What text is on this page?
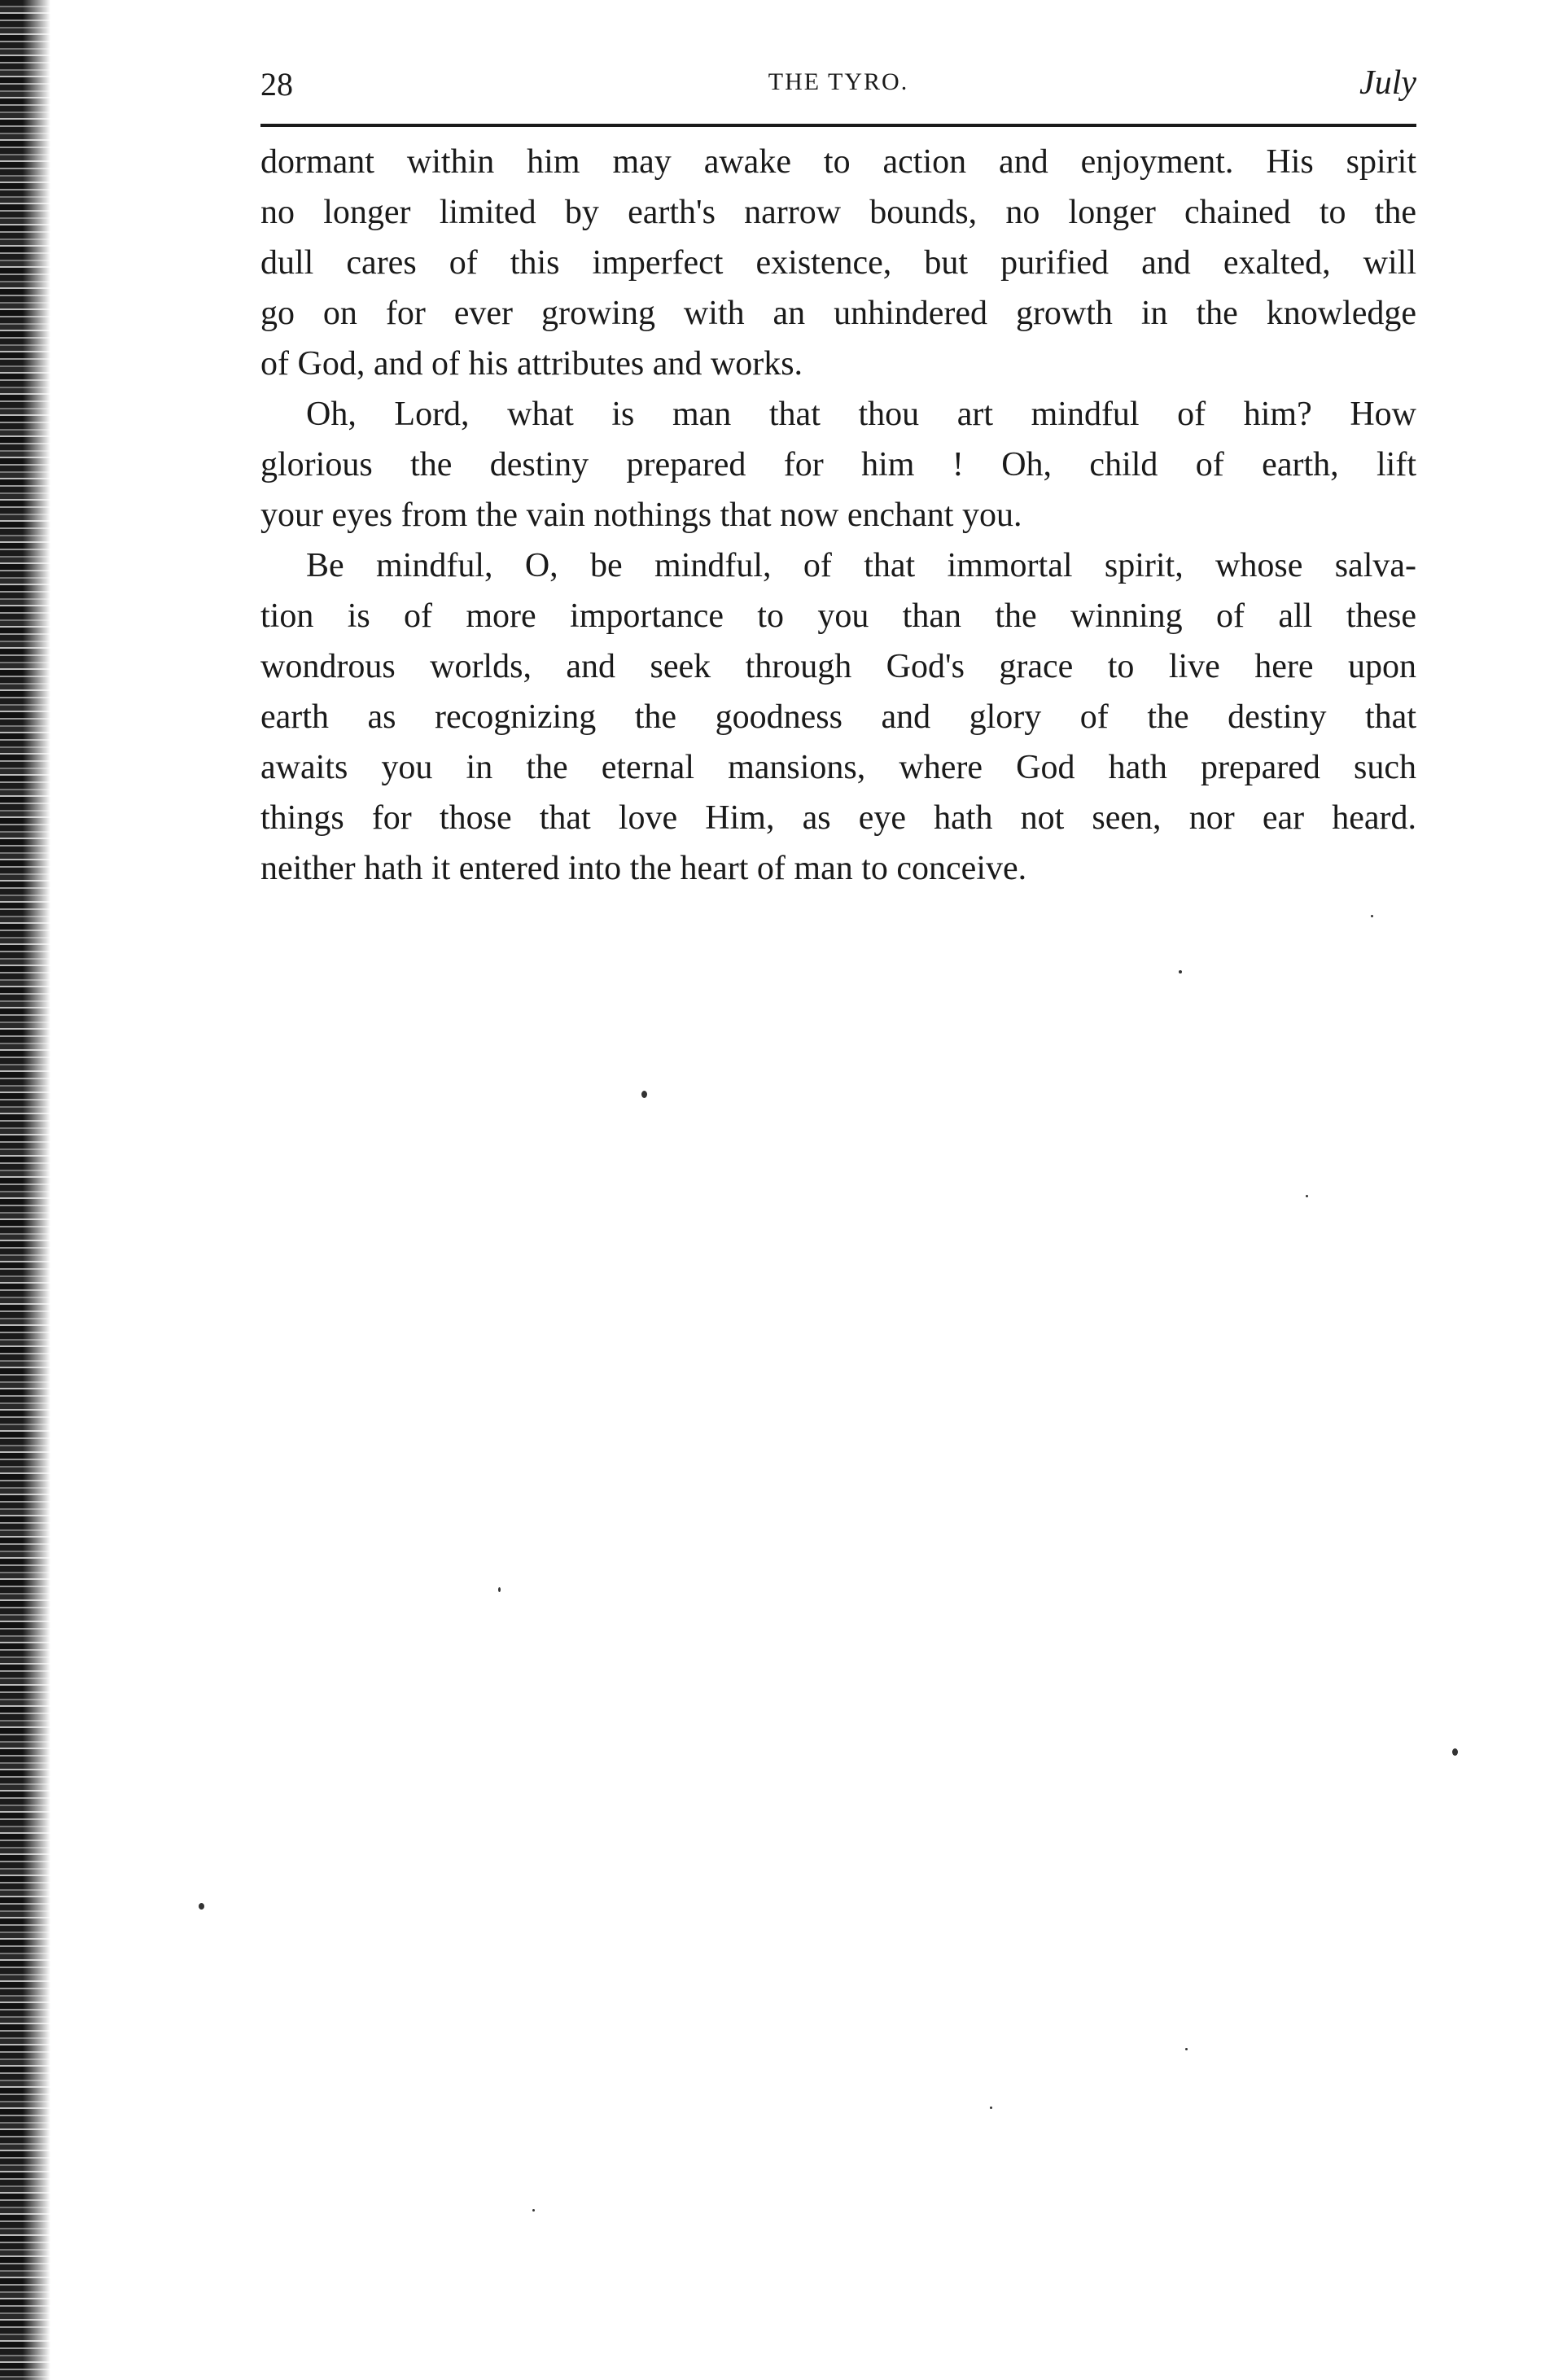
28	THE TYRO.	July
dormant within him may awake to action and enjoyment. His spirit
no longer limited by earth's narrow bounds, no longer chained to the
dull cares of this imperfect existence, but purified and exalted, will
go on for ever growing with an unhindered growth in the knowledge
of God, and of his attributes and works.
Oh, Lord, what is man that thou art mindful of him? How
glorious the destiny prepared for him ! Oh, child of earth, lift
your eyes from the vain nothings that now enchant you.
Be mindful, O, be mindful, of that immortal spirit, whose salva-
tion is of more importance to you than the winning of all these
wondrous worlds, and seek through God's grace to live here upon
earth as recognizing the goodness and glory of the destiny that
awaits you in the eternal mansions, where God hath prepared such
things for those that love Him, as eye hath not seen, nor ear heard.
neither hath it entered into the heart of man to conceive.
